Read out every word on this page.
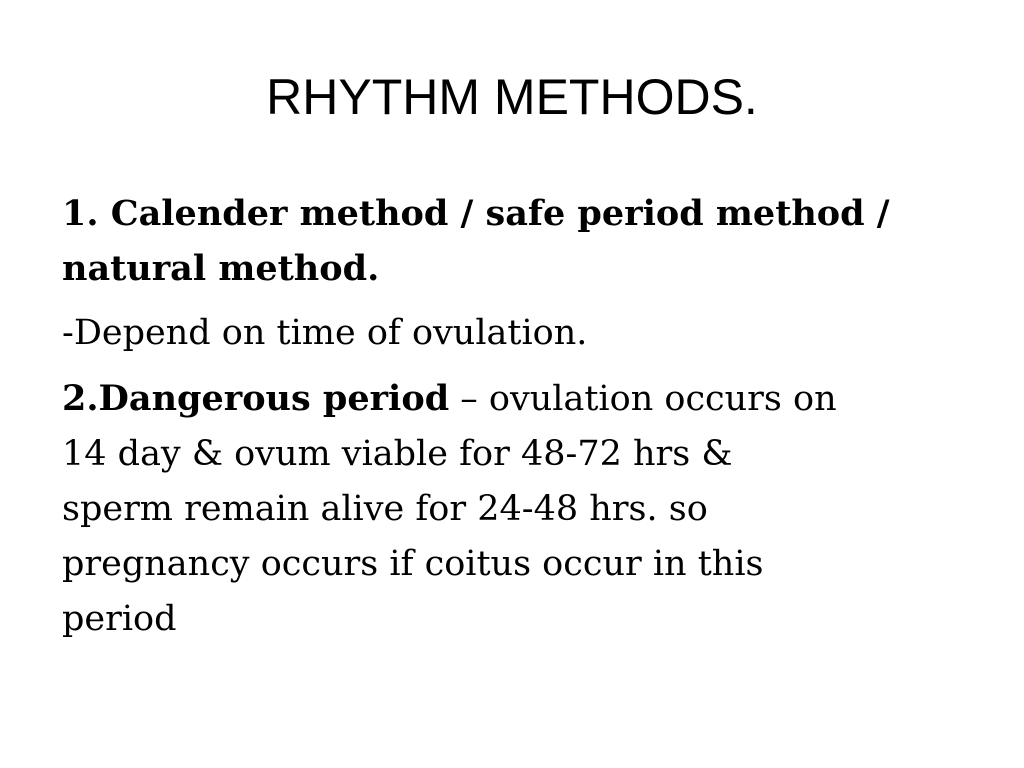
RHYTHM METHODS.

1. Calender method / safe period method /
natural method.

-Depend on time of ovulation.

2.Dangerous period – ovulation occurs on
14 day & ovum viable for 48-72 hrs &
sperm remain alive for 24-48 hrs. so
pregnancy occurs if coitus occur in this
period
